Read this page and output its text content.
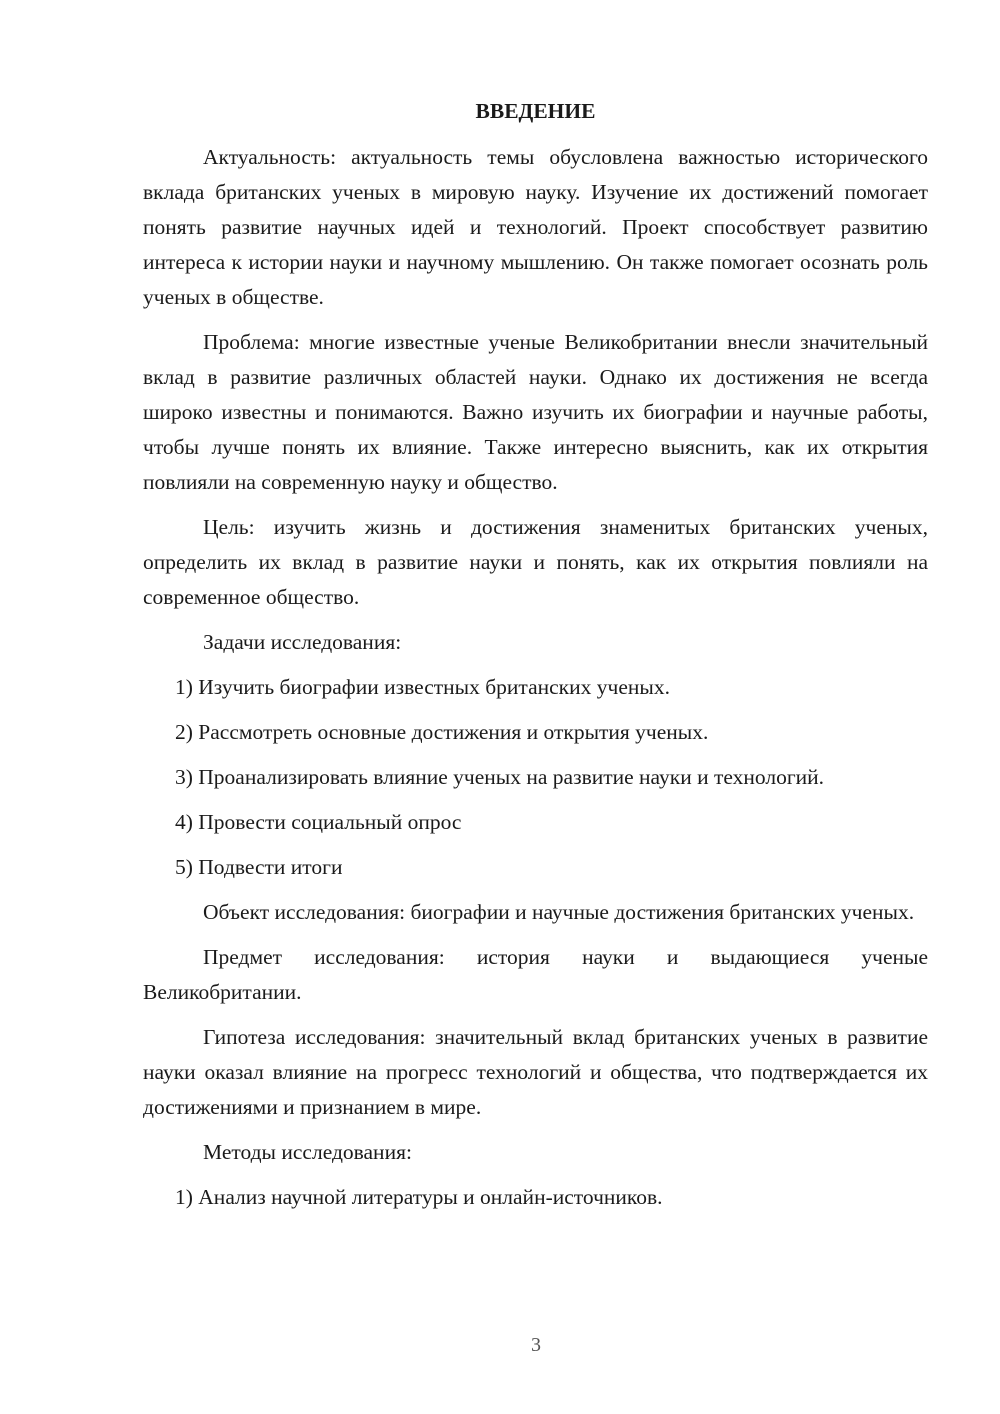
ВВЕДЕНИЕ

Актуальность: актуальность темы обусловлена важностью исторического вклада британских ученых в мировую науку. Изучение их достижений помогает понять развитие научных идей и технологий. Проект способствует развитию интереса к истории науки и научному мышлению. Он также помогает осознать роль ученых в обществе.

Проблема: многие известные ученые Великобритании внесли значительный вклад в развитие различных областей науки. Однако их достижения не всегда широко известны и понимаются. Важно изучить их биографии и научные работы, чтобы лучше понять их влияние. Также интересно выяснить, как их открытия повлияли на современную науку и общество.

Цель: изучить жизнь и достижения знаменитых британских ученых, определить их вклад в развитие науки и понять, как их открытия повлияли на современное общество.

Задачи исследования:

1) Изучить биографии известных британских ученых.
2) Рассмотреть основные достижения и открытия ученых.
3) Проанализировать влияние ученых на развитие науки и технологий.
4) Провести социальный опрос
5) Подвести итоги

Объект исследования: биографии и научные достижения британских ученых.

Предмет исследования: история науки и выдающиеся ученые Великобритании.

Гипотеза исследования: значительный вклад британских ученых в развитие науки оказал влияние на прогресс технологий и общества, что подтверждается их достижениями и признанием в мире.

Методы исследования:

1) Анализ научной литературы и онлайн-источников.
3
